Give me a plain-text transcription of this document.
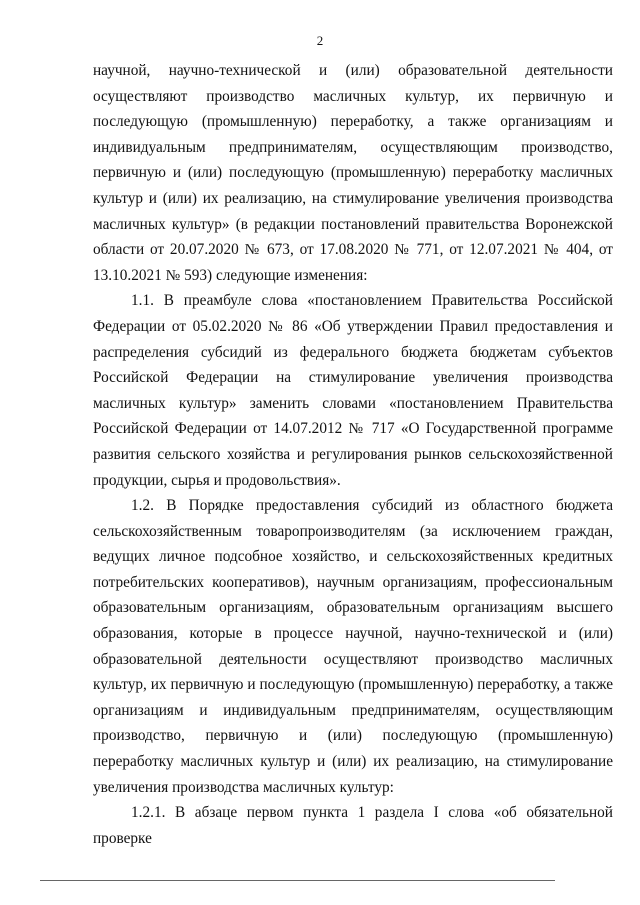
2

научной, научно-технической и (или) образовательной деятельности осуществляют производство масличных культур, их первичную и последующую (промышленную) переработку, а также организациям и индивидуальным предпринимателям, осуществляющим производство, первичную и (или) последующую (промышленную) переработку масличных культур и (или) их реализацию, на стимулирование увеличения производства масличных культур» (в редакции постановлений правительства Воронежской области от 20.07.2020 № 673, от 17.08.2020 № 771, от 12.07.2021 № 404, от 13.10.2021 № 593) следующие изменения:

1.1. В преамбуле слова «постановлением Правительства Российской Федерации от 05.02.2020 № 86 «Об утверждении Правил предоставления и распределения субсидий из федерального бюджета бюджетам субъектов Российской Федерации на стимулирование увеличения производства масличных культур» заменить словами «постановлением Правительства Российской Федерации от 14.07.2012 № 717 «О Государственной программе развития сельского хозяйства и регулирования рынков сельскохозяйственной продукции, сырья и продовольствия».

1.2. В Порядке предоставления субсидий из областного бюджета сельскохозяйственным товаропроизводителям (за исключением граждан, ведущих личное подсобное хозяйство, и сельскохозяйственных кредитных потребительских кооперативов), научным организациям, профессиональным образовательным организациям, образовательным организациям высшего образования, которые в процессе научной, научно-технической и (или) образовательной деятельности осуществляют производство масличных культур, их первичную и последующую (промышленную) переработку, а также организациям и индивидуальным предпринимателям, осуществляющим производство, первичную и (или) последующую (промышленную) переработку масличных культур и (или) их реализацию, на стимулирование увеличения производства масличных культур:

1.2.1. В абзаце первом пункта 1 раздела I слова «об обязательной проверке
